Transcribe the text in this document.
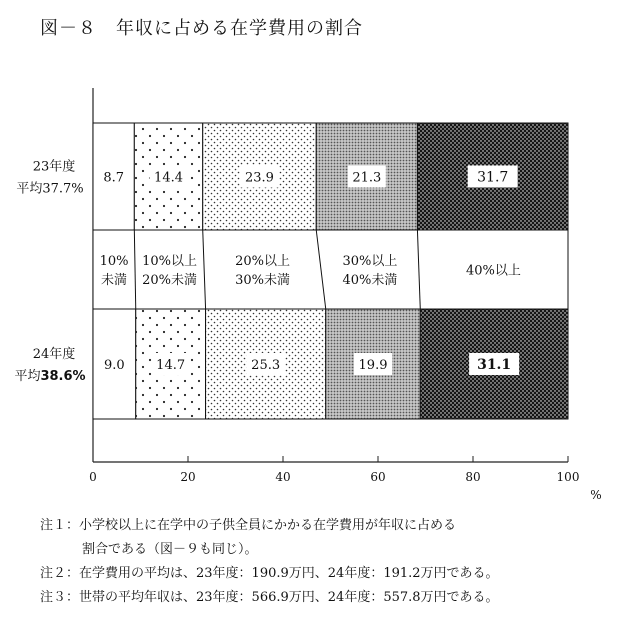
図－８　年収に占める在学費用の割合
10%
未満
10%以上
20%未満
20%以上
30%未満
30%以上
40%未満
40%以上
8.7 14.4	23.9	21.3	31.7
9.0 14.7	25.3	19.9	31.1
23年度
平均37.7%
24年度
平均38.6%
0	20	40	60	80	100
%
注１：小学校以上に在学中の子供全員にかかる在学費用が年収に占める
割合である（図－９も同じ）。
注２：在学費用の平均は、23年度：190.9万円、24年度：191.2万円である。
注３：世帯の平均年収は、23年度：566.9万円、24年度：557.8万円である。
